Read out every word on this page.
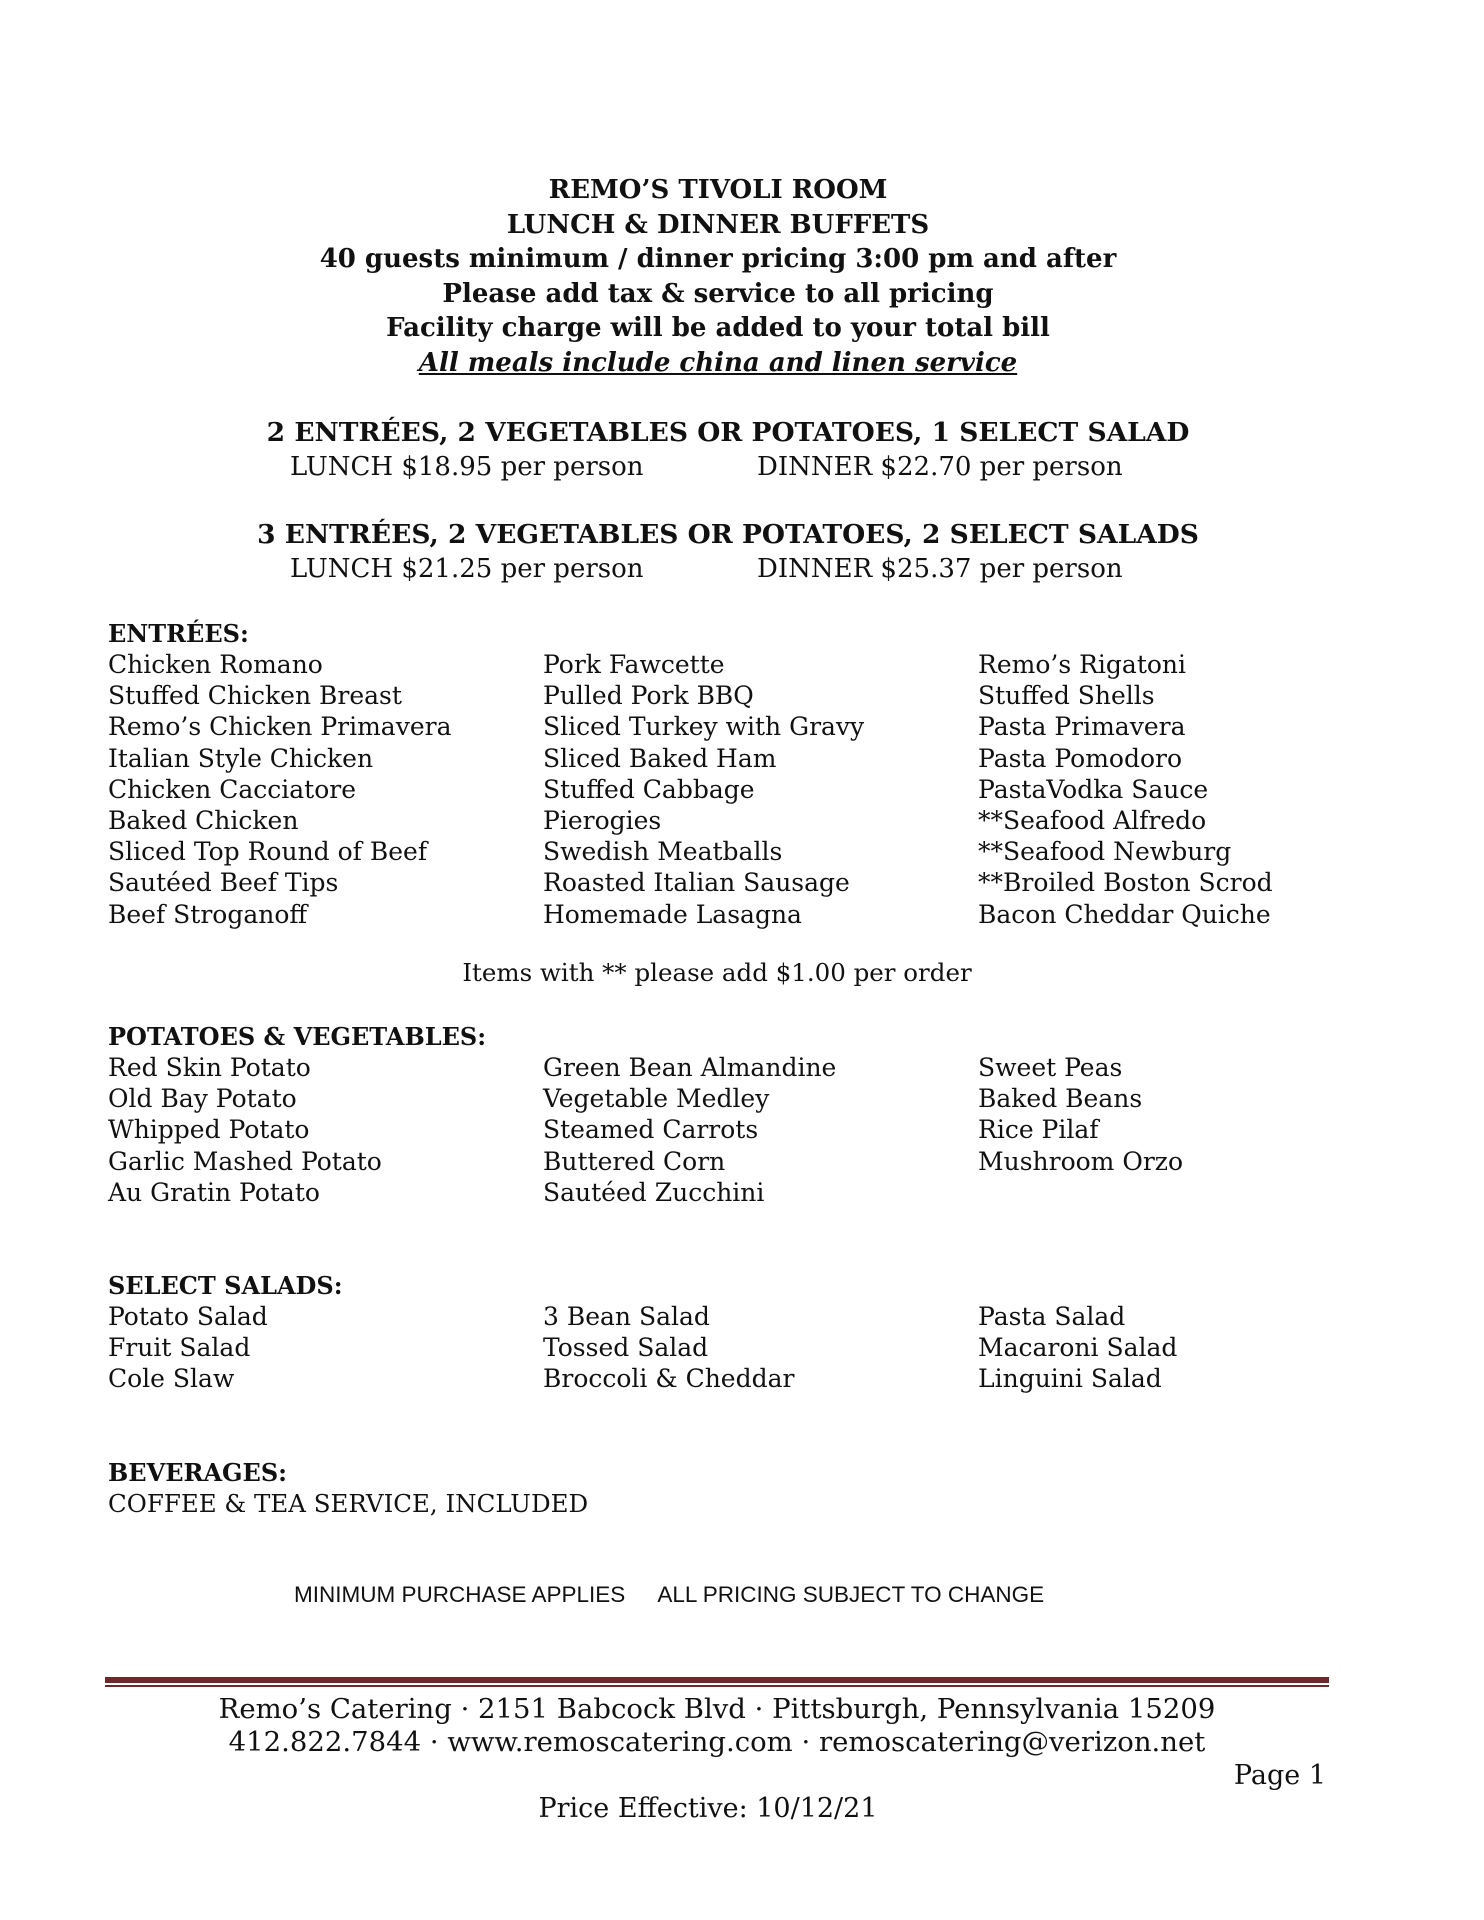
REMO’S TIVOLI ROOM
LUNCH & DINNER BUFFETS
40 guests minimum / dinner pricing 3:00 pm and after
Please add tax & service to all pricing
Facility charge will be added to your total bill
All meals include china and linen service
2 ENTRÉES, 2 VEGETABLES OR POTATOES, 1 SELECT SALAD
LUNCH $18.95 per person	DINNER $22.70 per person
3 ENTRÉES, 2 VEGETABLES OR POTATOES, 2 SELECT SALADS
LUNCH $21.25 per person	DINNER $25.37 per person
ENTRÉES:
Chicken Romano
Stuffed Chicken Breast
Remo’s Chicken Primavera
Italian Style Chicken
Chicken Cacciatore
Baked Chicken
Sliced Top Round of Beef
Sautéed Beef Tips
Beef Stroganoff
Pork Fawcette
Pulled Pork BBQ
Sliced Turkey with Gravy
Sliced Baked Ham
Stuffed Cabbage
Pierogies
Swedish Meatballs
Roasted Italian Sausage
Homemade Lasagna
Remo’s Rigatoni
Stuffed Shells
Pasta Primavera
Pasta Pomodoro
PastaVodka Sauce
**Seafood Alfredo
**Seafood Newburg
**Broiled Boston Scrod
Bacon Cheddar Quiche
Items with ** please add $1.00 per order
POTATOES & VEGETABLES:
Red Skin Potato
Old Bay Potato
Whipped Potato
Garlic Mashed Potato
Au Gratin Potato
Green Bean Almandine
Vegetable Medley
Steamed Carrots
Buttered Corn
Sautéed Zucchini
Sweet Peas
Baked Beans
Rice Pilaf
Mushroom Orzo
SELECT SALADS:
Potato Salad
Fruit Salad
Cole Slaw
3 Bean Salad
Tossed Salad
Broccoli & Cheddar
Pasta Salad
Macaroni Salad
Linguini Salad
BEVERAGES:
COFFEE & TEA SERVICE, INCLUDED
MINIMUM PURCHASE APPLIES ALL PRICING SUBJECT TO CHANGE
Remo’s Catering · 2151 Babcock Blvd · Pittsburgh, Pennsylvania 15209
412.822.7844 · www.remoscatering.com · remoscatering@verizon.net
Page 1
Price Effective: 10/12/21
